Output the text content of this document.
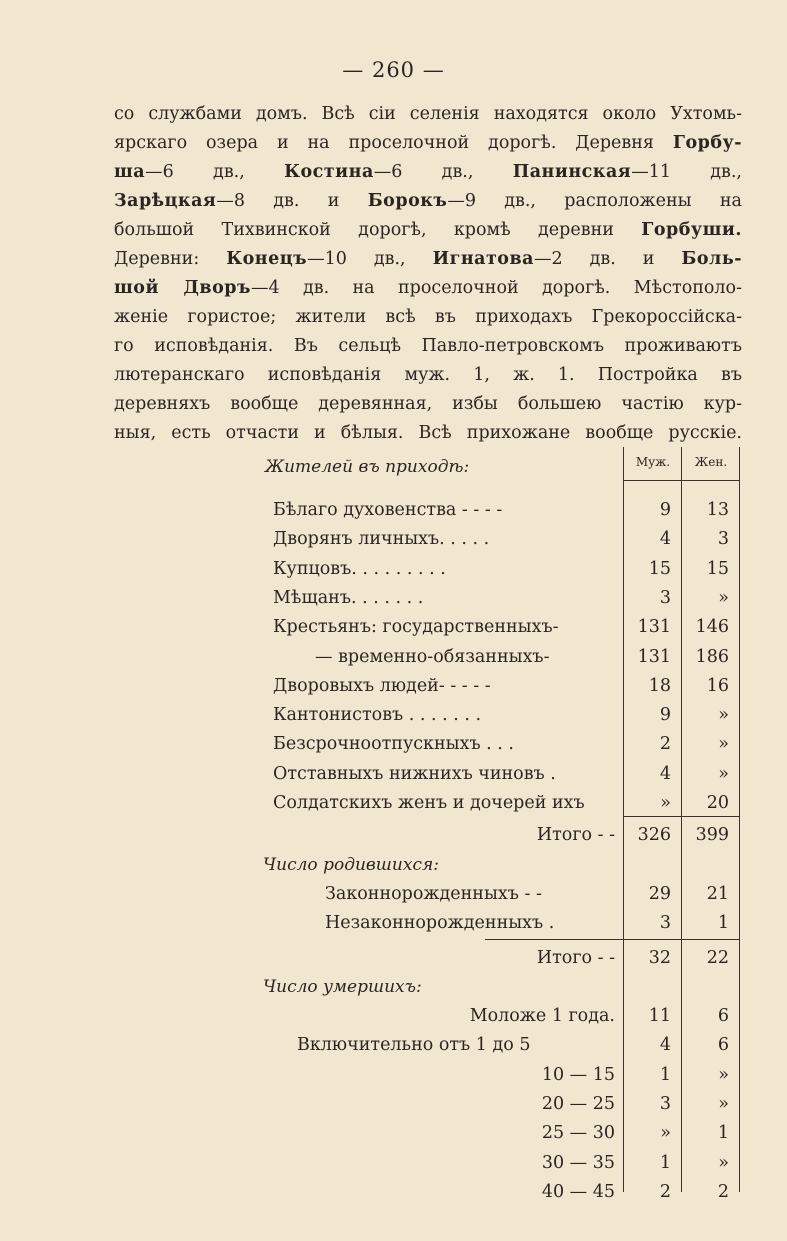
— 260 —
со службами домъ. Всѣ сіи селенія находятся около Ухтомь-
ярскаго озера и на проселочной дорогѣ. Деревня Горбу-
ша—6 дв., Костина—6 дв., Панинская—11 дв.,
Зарѣцкая—8 дв. и Борокъ—9 дв., расположены на
большой Тихвинской дорогѣ, кромѣ деревни Горбуши.
Деревни: Конецъ—10 дв., Игнатова—2 дв. и Боль-
шой Дворъ—4 дв. на проселочной дорогѣ. Мѣстополо-
женіе гористое; жители всѣ въ приходахъ Грекороссійска-
го исповѣданія. Въ сельцѣ Павло-петровскомъ проживаютъ
лютеранскаго исповѣданія муж. 1, ж. 1. Постройка въ
деревняхъ вообще деревянная, избы большею частію кур-
ныя, есть отчасти и бѣлыя. Всѣ прихожане вообще русскіе.
Жителей въ приходѣ:	Муж.	Жен.
Бѣлаго духовенства - - - -	9	13
Дворянъ личныхъ. . . . .	4	3
Купцовъ. . . . . . . . .	15	15
Мѣщанъ. . . . . . .	3	»
Крестьянъ: государственныхъ-	131	146
— временно-обязанныхъ-	131	186
Дворовыхъ людей- - - - -	18	16
Кантонистовъ . . . . . . .	9	»
Безсрочноотпускныхъ . . .	2	»
Отставныхъ нижнихъ чиновъ .	4	»
Солдатскихъ женъ и дочерей ихъ	»	20
Итого - -	326	399
Число родившихся:
Законнорожденныхъ - -	29	21
Незаконнорожденныхъ .	3	1
Итого - -	32	22
Число умершихъ:
Моложе 1 года.	11	6
Включительно отъ 1 до 5	4	6
10 — 15	1	»
20 — 25	3	»
25 — 30	»	1
30 — 35	1	»
40 — 45	2	2
